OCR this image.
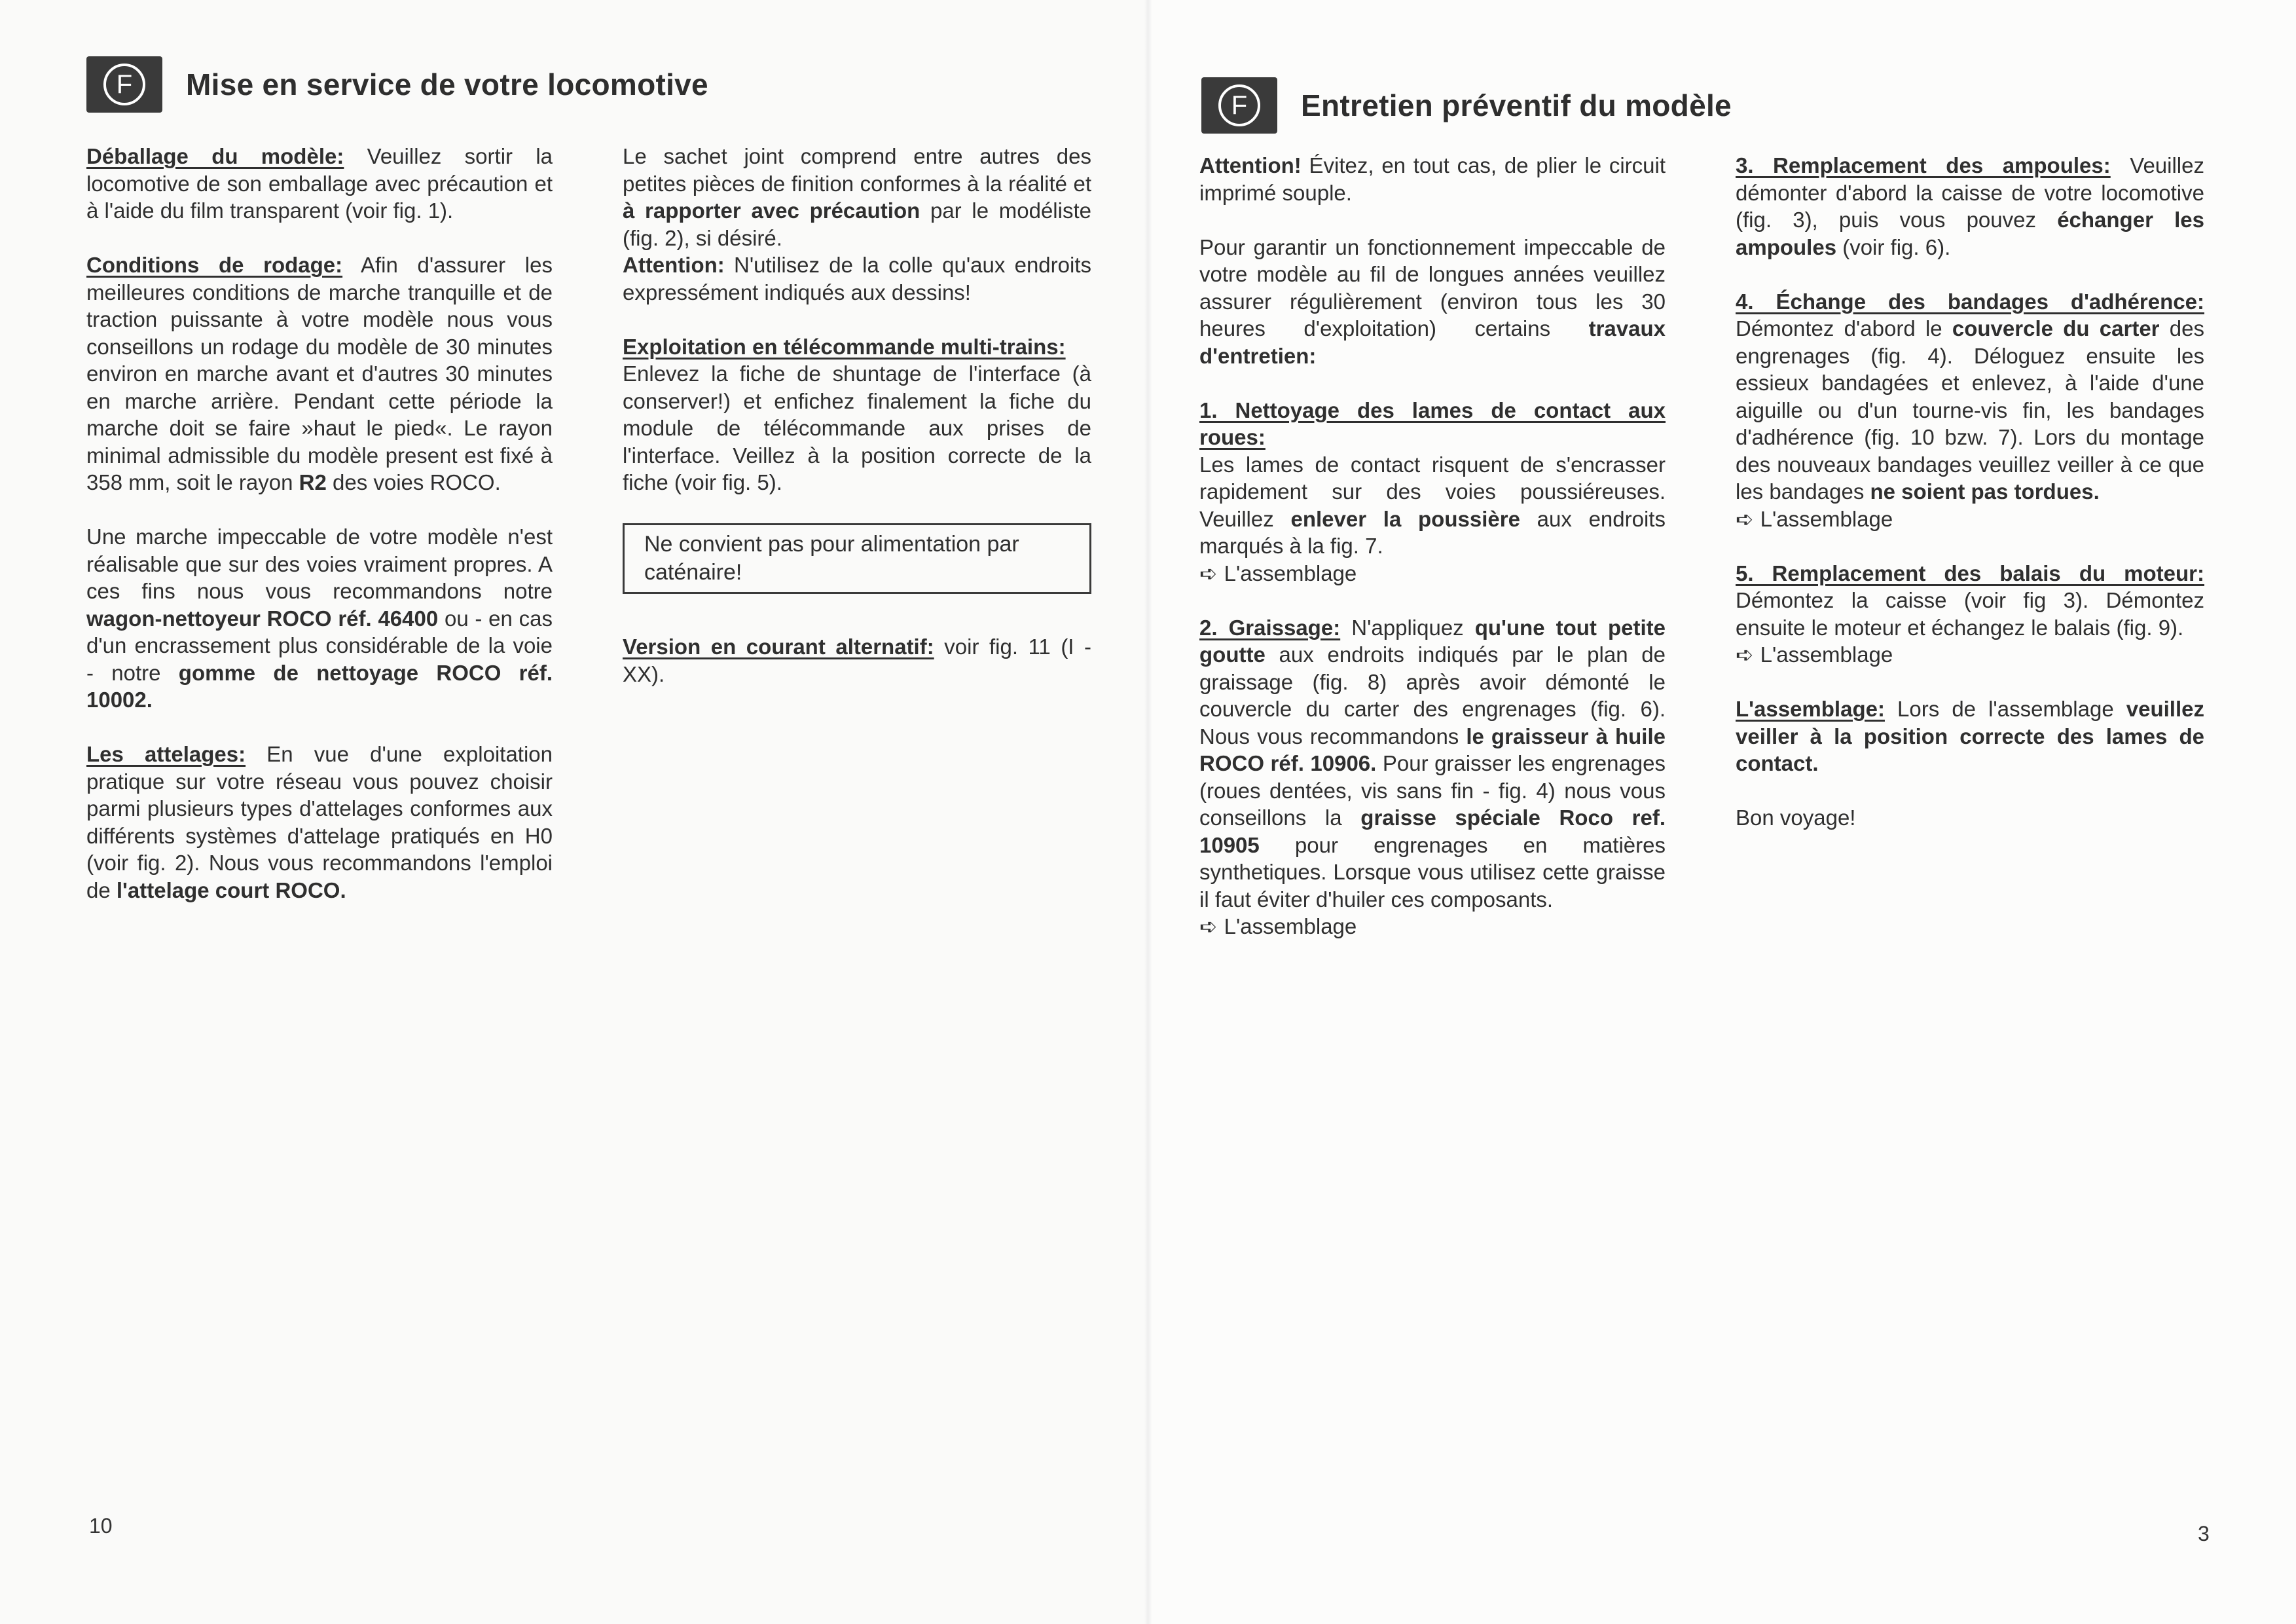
F	Mise en service de votre locomotive

Déballage du modèle: Veuillez sortir la locomotive de son emballage avec précaution et à l'aide du film transparent (voir fig. 1).

Conditions de rodage: Afin d'assurer les meilleures conditions de marche tranquille et de traction puissante à votre modèle nous vous conseillons un rodage du modèle de 30 minutes environ en marche avant et d'autres 30 minutes en marche arrière. Pendant cette période la marche doit se faire »haut le pied«. Le rayon minimal admissible du modèle present est fixé à 358 mm, soit le rayon R2 des voies ROCO.

Une marche impeccable de votre modèle n'est réalisable que sur des voies vraiment propres. A ces fins nous vous recommandons notre wagon-nettoyeur ROCO réf. 46400 ou - en cas d'un encrassement plus considérable de la voie - notre gomme de nettoyage ROCO réf. 10002.

Les attelages: En vue d'une exploitation pratique sur votre réseau vous pouvez choisir parmi plusieurs types d'attelages conformes aux différents systèmes d'attelage pratiqués en H0 (voir fig. 2). Nous vous recommandons l'emploi de l'attelage court ROCO.

Le sachet joint comprend entre autres des petites pièces de finition conformes à la réalité et à rapporter avec précaution par le modéliste (fig. 2), si désiré.

Attention: N'utilisez de la colle qu'aux endroits expressément indiqués aux dessins!

Exploitation en télécommande multi-trains:
Enlevez la fiche de shuntage de l'interface (à conserver!) et enfichez finalement la fiche du module de télécommande aux prises de l'interface. Veillez à la position correcte de la fiche (voir fig. 5).

Ne convient pas pour alimentation par caténaire!

Version en courant alternatif: voir fig. 11 (I - XX).

10
F	Entretien préventif du modèle

Attention! Évitez, en tout cas, de plier le circuit imprimé souple.

Pour garantir un fonctionnement impeccable de votre modèle au fil de longues années veuillez assurer régulièrement (environ tous les 30 heures d'exploitation) certains travaux d'entretien:

1. Nettoyage des lames de contact aux roues:
Les lames de contact risquent de s'encrasser rapidement sur des voies poussiéreuses. Veuillez enlever la poussière aux endroits marqués à la fig. 7.
➪ L'assemblage

2. Graissage: N'appliquez qu'une tout petite goutte aux endroits indiqués par le plan de graissage (fig. 8) après avoir démonté le couvercle du carter des engrenages (fig. 6). Nous vous recommandons le graisseur à huile ROCO réf. 10906. Pour graisser les engrenages (roues dentées, vis sans fin - fig. 4) nous vous conseillons la graisse spéciale Roco ref. 10905 pour engrenages en matières synthetiques. Lorsque vous utilisez cette graisse il faut éviter d'huiler ces composants.
➪ L'assemblage

3. Remplacement des ampoules: Veuillez démonter d'abord la caisse de votre locomotive (fig. 3), puis vous pouvez échanger les ampoules (voir fig. 6).

4. Échange des bandages d'adhérence: Démontez d'abord le couvercle du carter des engrenages (fig. 4). Déloguez ensuite les essieux bandagées et enlevez, à l'aide d'une aiguille ou d'un tourne-vis fin, les bandages d'adhérence (fig. 10 bzw. 7). Lors du montage des nouveaux bandages veuillez veiller à ce que les bandages ne soient pas tordues.
➪ L'assemblage

5. Remplacement des balais du moteur: Démontez la caisse (voir fig 3). Démontez ensuite le moteur et échangez le balais (fig. 9).
➪ L'assemblage

L'assemblage: Lors de l'assemblage veuillez veiller à la position correcte des lames de contact.

Bon voyage!

3
